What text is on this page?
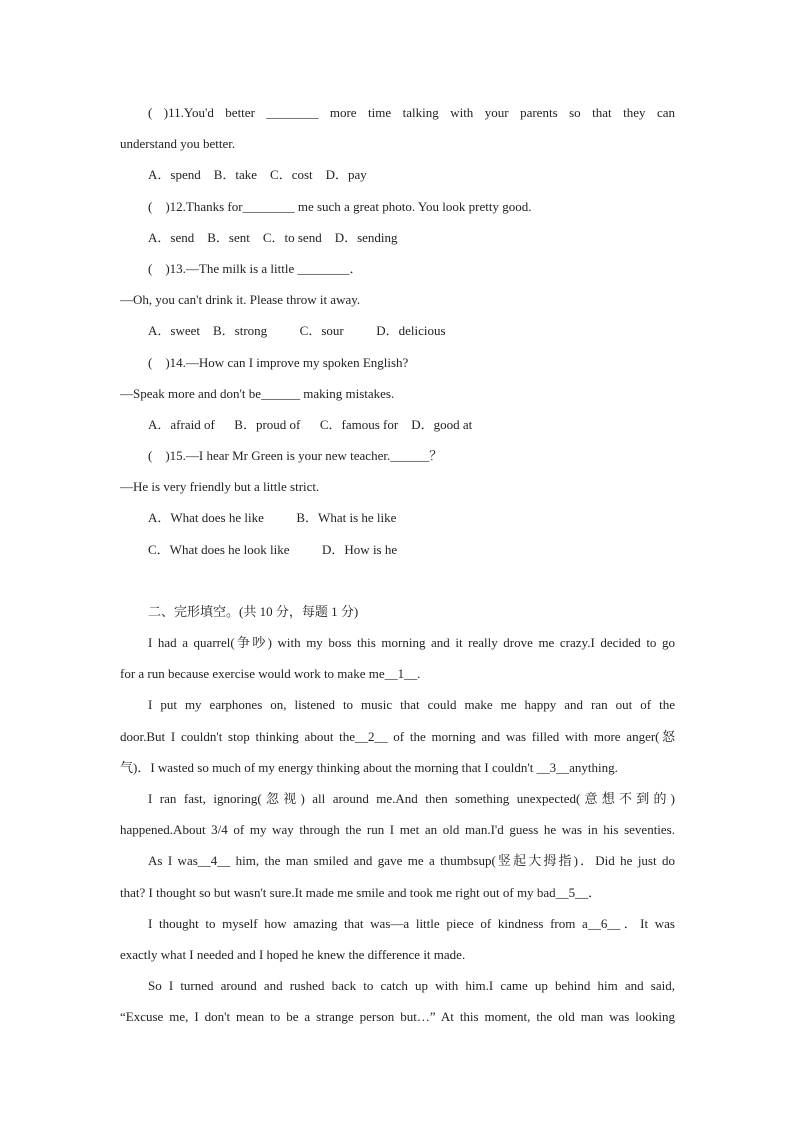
( )11.You'd better ________ more time talking with your parents so that they can
understand you better.
A．spend    B．take    C．cost    D．pay
(    )12.Thanks for________ me such a great photo. You look pretty good.
A．send    B．sent    C．to send    D．sending
(    )13.—The milk is a little ________．
—Oh, you can't drink it. Please throw it away.
A．sweet    B．strong          C．sour          D．delicious
(    )14.—How can I improve my spoken English?
—Speak more and don't be______ making mistakes.
A．afraid of      B．proud of      C．famous for    D．good at
(    )15.—I hear Mr Green is your new teacher.______？
—He is very friendly but a little strict.
A．What does he like          B．What is he like
C．What does he look like          D．How is he
二、完形填空。(共 10 分，每题 1 分)
I had a quarrel(争吵) with my boss this morning and it really drove me crazy.I decided to go
for a run because exercise would work to make me__1__.
I put my earphones on, listened to music that could make me happy and ran out of the
door.But I couldn't stop thinking about the__2__ of the morning and was filled with more anger(怒
气)．I wasted so much of my energy thinking about the morning that I couldn't __3__anything.
I ran fast, ignoring(忽视) all around me.And then something unexpected(意想不到的)
happened.About 3/4 of my way through the run I met an old man.I'd guess he was in his seventies.
As I was__4__ him, the man smiled and gave me a thumbsup(竖起大拇指)．Did he just do
that? I thought so but wasn't sure.It made me smile and took me right out of my bad__5__．
I thought to myself how amazing that was—a little piece of kindness from a__6__．It was
exactly what I needed and I hoped he knew the difference it made.
So I turned around and rushed back to catch up with him.I came up behind him and said,
“Excuse me, I don't mean to be a strange person but…” At this moment, the old man was looking
